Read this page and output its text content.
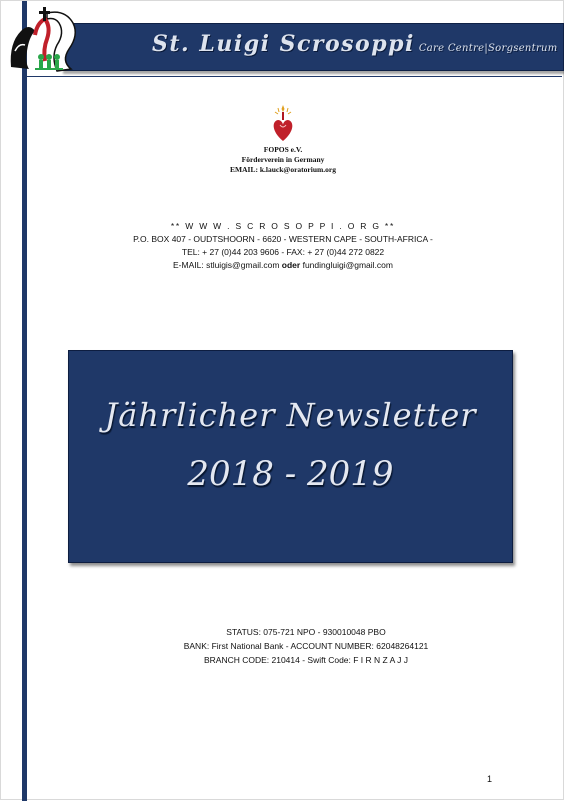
St. Luigi Scrosoppi Care Centre|Sorgsentrum
FOPOS e.V.
Förderverein in Germany
EMAIL: k.lauck@oratorium.org
** W W W . S C R O S O P P I . O R G **
P.O. BOX 407 - OUDTSHOORN - 6620 - WESTERN CAPE - SOUTH-AFRICA -
TEL: + 27 (0)44 203 9606 - FAX: + 27 (0)44 272 0822
E-MAIL: stluigis@gmail.com oder fundingluigi@gmail.com
Jährlicher Newsletter
2018 - 2019
STATUS: 075-721 NPO - 930010048 PBO
BANK: First National Bank - ACCOUNT NUMBER: 62048264121
BRANCH CODE: 210414 - Swift Code: F I R N Z A J J
1
